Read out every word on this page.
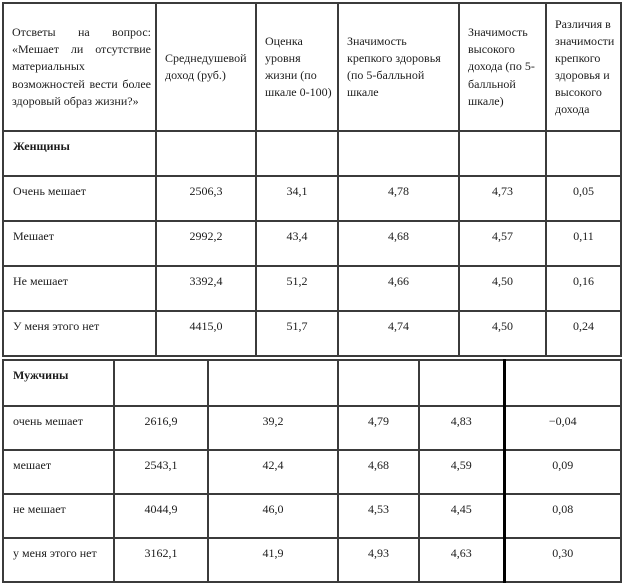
Отсветы на вопрос: «Мешает ли отсутствие материальных возможностей вести более здоровый образ жизни?»	Среднедушевой доход (руб.)	Оценка уровня жизни (по шкале 0-100)	Значимость крепкого здоровья (по 5-балльной шкале	Значимость высокого дохода (по 5-балльной шкале)	Различия в значимости крепкого здоровья и высокого дохода
Женщины					
Очень мешает	2506,3	34,1	4,78	4,73	0,05
Мешает	2992,2	43,4	4,68	4,57	0,11
Не мешает	3392,4	51,2	4,66	4,50	0,16
У меня этого нет	4415,0	51,7	4,74	4,50	0,24
Мужчины					
очень мешает	2616,9	39,2	4,79	4,83	−0,04
мешает	2543,1	42,4	4,68	4,59	0,09
не мешает	4044,9	46,0	4,53	4,45	0,08
у меня этого нет	3162,1	41,9	4,93	4,63	0,30
